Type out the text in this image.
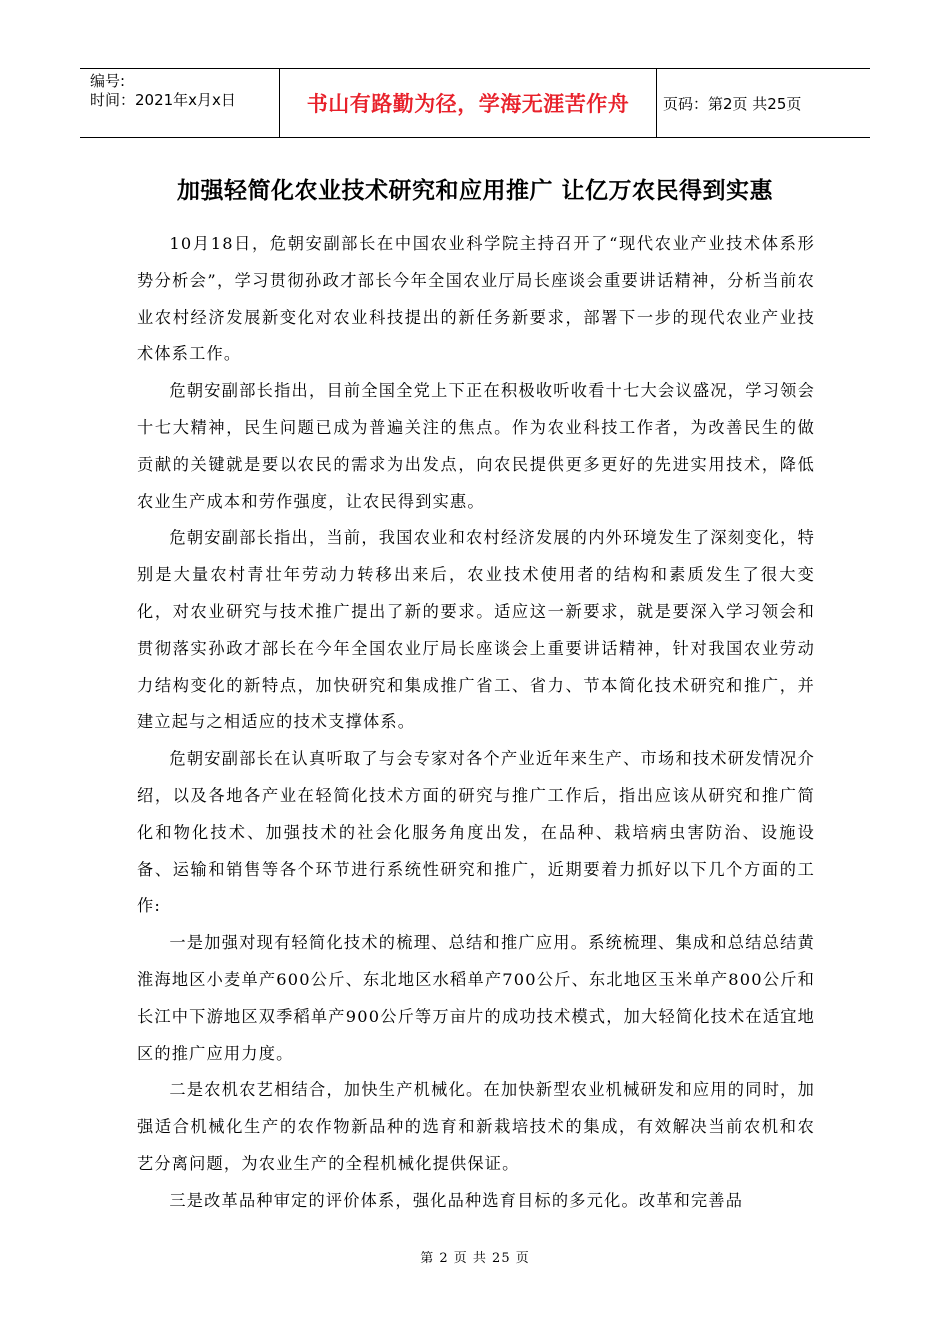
编号:
时间：2021年x月x日	书山有路勤为径，学海无涯苦作舟	页码：第2页 共25页
加强轻简化农业技术研究和应用推广 让亿万农民得到实惠

10月18日，危朝安副部长在中国农业科学院主持召开了“现代农业产业技术体系形势分析会”，学习贯彻孙政才部长今年全国农业厅局长座谈会重要讲话精神，分析当前农业农村经济发展新变化对农业科技提出的新任务新要求，部署下一步的现代农业产业技术体系工作。

危朝安副部长指出，目前全国全党上下正在积极收听收看十七大会议盛况，学习领会十七大精神，民生问题已成为普遍关注的焦点。作为农业科技工作者，为改善民生的做贡献的关键就是要以农民的需求为出发点，向农民提供更多更好的先进实用技术，降低农业生产成本和劳作强度，让农民得到实惠。

危朝安副部长指出，当前，我国农业和农村经济发展的内外环境发生了深刻变化，特别是大量农村青壮年劳动力转移出来后，农业技术使用者的结构和素质发生了很大变化，对农业研究与技术推广提出了新的要求。适应这一新要求，就是要深入学习领会和贯彻落实孙政才部长在今年全国农业厅局长座谈会上重要讲话精神，针对我国农业劳动力结构变化的新特点，加快研究和集成推广省工、省力、节本简化技术研究和推广，并建立起与之相适应的技术支撑体系。

危朝安副部长在认真听取了与会专家对各个产业近年来生产、市场和技术研发情况介绍，以及各地各产业在轻简化技术方面的研究与推广工作后，指出应该从研究和推广简化和物化技术、加强技术的社会化服务角度出发，在品种、栽培病虫害防治、设施设备、运输和销售等各个环节进行系统性研究和推广，近期要着力抓好以下几个方面的工作:

一是加强对现有轻简化技术的梳理、总结和推广应用。系统梳理、集成和总结总结黄淮海地区小麦单产600公斤、东北地区水稻单产700公斤、东北地区玉米单产800公斤和长江中下游地区双季稻单产900公斤等万亩片的成功技术模式，加大轻简化技术在适宜地区的推广应用力度。

二是农机农艺相结合，加快生产机械化。在加快新型农业机械研发和应用的同时，加强适合机械化生产的农作物新品种的选育和新栽培技术的集成，有效解决当前农机和农艺分离问题，为农业生产的全程机械化提供保证。

三是改革品种审定的评价体系，强化品种选育目标的多元化。改革和完善品

第 2 页 共 25 页
